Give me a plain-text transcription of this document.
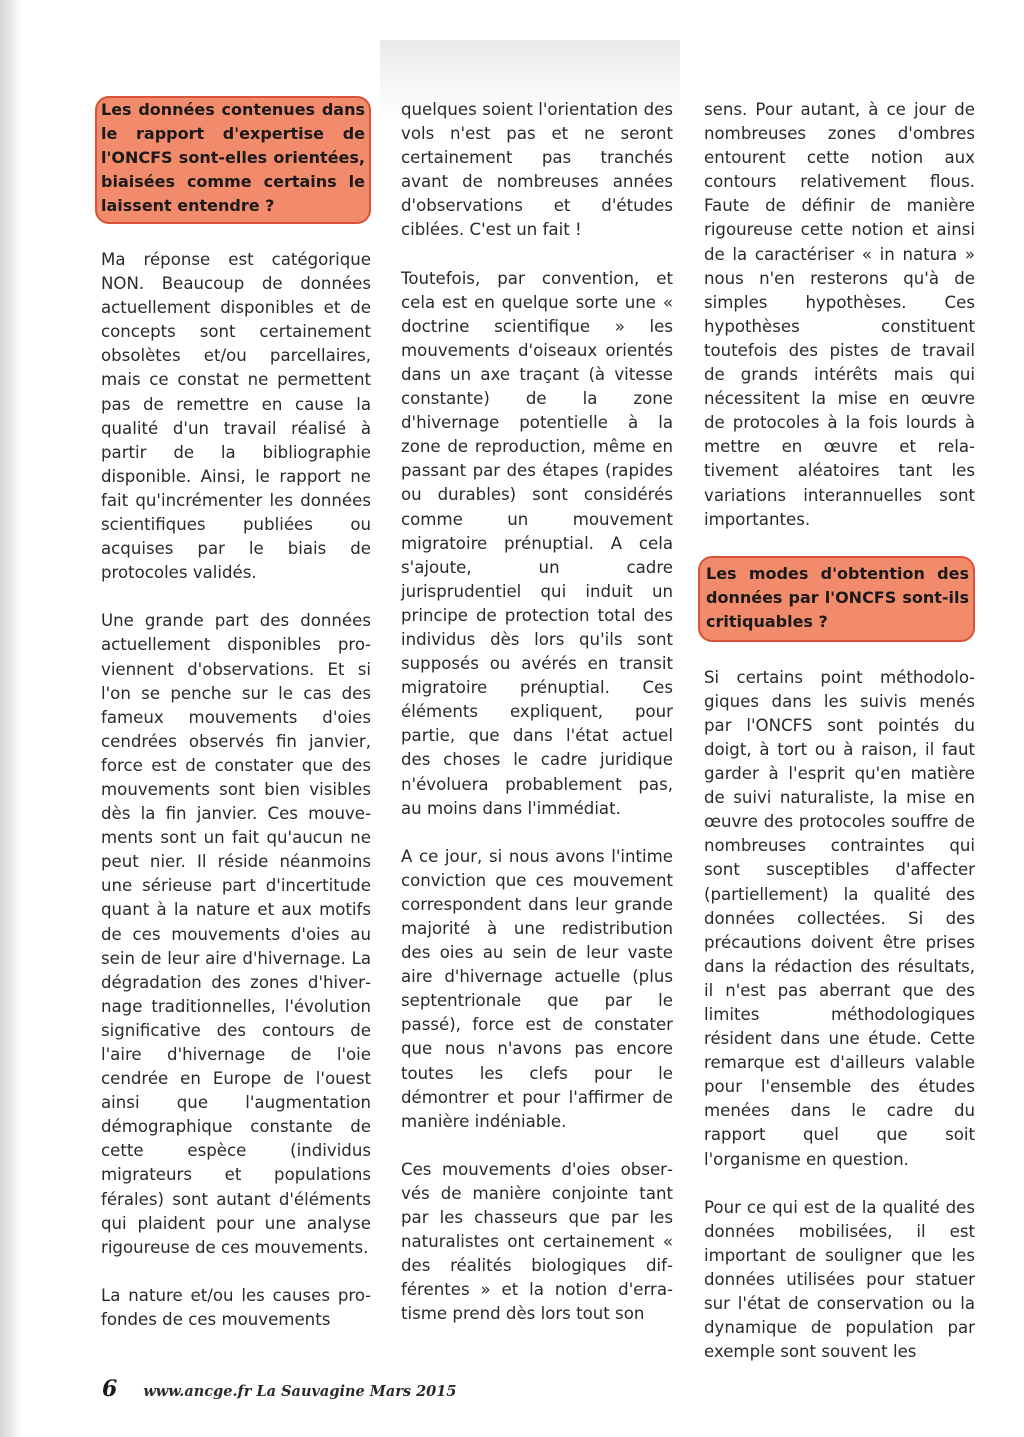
Les données contenues dans le rapport d'expertise de l'ONCFS sont-elles orientées, biaisées comme certains le laissent entendre ?

Ma réponse est catégorique NON. Beaucoup de données actuellement disponibles et de concepts sont certainement obsolètes et/ou parcellaires, mais ce constat ne permettent pas de remettre en cause la qualité d'un travail réalisé à partir de la bibliographie disponible. Ainsi, le rapport ne fait qu'incrémenter les données scientifiques publiées ou acquises par le biais de protocoles validés.

Une grande part des données actuellement disponibles proviennent d'observations. Et si l'on se penche sur le cas des fameux mouvements d'oies cendrées observés fin janvier, force est de constater que des mouvements sont bien visibles dès la fin janvier. Ces mouvements sont un fait qu'aucun ne peut nier. Il réside néanmoins une sérieuse part d'incertitude quant à la nature et aux motifs de ces mouvements d'oies au sein de leur aire d'hivernage. La dégradation des zones d'hivernage traditionnelles, l'évolution significative des contours de l'aire d'hivernage de l'oie cendrée en Europe de l'ouest ainsi que l'augmentation démographique constante de cette espèce (individus migrateurs et populations férales) sont autant d'éléments qui plaident pour une analyse rigoureuse de ces mouvements.

La nature et/ou les causes profondes de ces mouvements

quelques soient l'orientation des vols n'est pas et ne seront certainement pas tranchés avant de nombreuses années d'observations et d'études ciblées. C'est un fait !

Toutefois, par convention, et cela est en quelque sorte une « doctrine scientifique » les mouvements d'oiseaux orientés dans un axe traçant (à vitesse constante) de la zone d'hivernage potentielle à la zone de reproduction, même en passant par des étapes (rapides ou durables) sont considérés comme un mouvement migratoire prénuptial. A cela s'ajoute, un cadre jurisprudentiel qui induit un principe de protection total des individus dès lors qu'ils sont supposés ou avérés en transit migratoire prénuptial. Ces éléments expliquent, pour partie, que dans l'état actuel des choses le cadre juridique n'évoluera probablement pas, au moins dans l'immédiat.

A ce jour, si nous avons l'intime conviction que ces mouvement correspondent dans leur grande majorité à une redistribution des oies au sein de leur vaste aire d'hivernage actuelle (plus septentrionale que par le passé), force est de constater que nous n'avons pas encore toutes les clefs pour le démontrer et pour l'affirmer de manière indéniable.

Ces mouvements d'oies observés de manière conjointe tant par les chasseurs que par les naturalistes ont certainement « des réalités biologiques différentes » et la notion d'erratisme prend dès lors tout son

sens. Pour autant, à ce jour de nombreuses zones d'ombres entourent cette notion aux contours relativement flous. Faute de définir de manière rigoureuse cette notion et ainsi de la caractériser « in natura » nous n'en resterons qu'à de simples hypothèses. Ces hypothèses constituent toutefois des pistes de travail de grands intérêts mais qui nécessitent la mise en œuvre de protocoles à la fois lourds à mettre en œuvre et relativement aléatoires tant les variations interannuelles sont importantes.

Les modes d'obtention des données par l'ONCFS sont-ils critiquables ?

Si certains point méthodologiques dans les suivis menés par l'ONCFS sont pointés du doigt, à tort ou à raison, il faut garder à l'esprit qu'en matière de suivi naturaliste, la mise en œuvre des protocoles souffre de nombreuses contraintes qui sont susceptibles d'affecter (partiellement) la qualité des données collectées. Si des précautions doivent être prises dans la rédaction des résultats, il n'est pas aberrant que des limites méthodologiques résident dans une étude. Cette remarque est d'ailleurs valable pour l'ensemble des études menées dans le cadre du rapport quel que soit l'organisme en question.

Pour ce qui est de la qualité des données mobilisées, il est important de souligner que les données utilisées pour statuer sur l'état de conservation ou la dynamique de population par exemple sont souvent les

6 www.ancge.fr La Sauvagine Mars 2015
